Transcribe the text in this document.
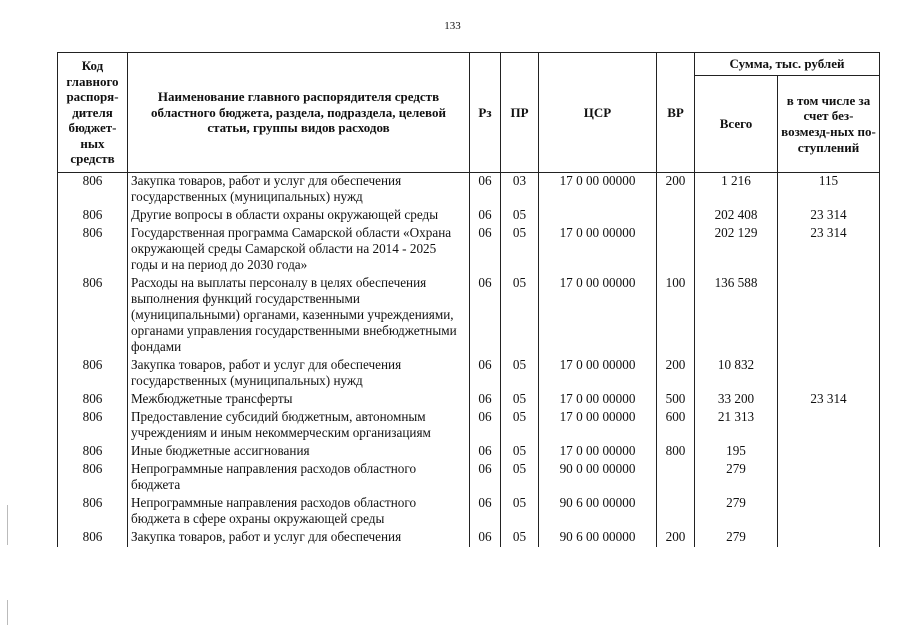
133
Код главного распоря-дителя бюджет-ных средств	Наименование главного распорядителя средств областного бюджета, раздела, подраздела, целевой статьи, группы видов расходов	Рз	ПР	ЦСР	ВР	Сумма, тыс. рублей	
						Всего	в том числе за счет без-возмезд-ных по-ступлений
806	Закупка товаров, работ и услуг для обеспечения государственных (муниципальных) нужд	06	03	17 0 00 00000	200	1 216	115
806	Другие вопросы в области охраны окружающей среды	06	05			202 408	23 314
806	Государственная программа Самарской области «Охрана окружающей среды Самарской области на 2014 - 2025 годы и на период до 2030 года»	06	05	17 0 00 00000		202 129	23 314
806	Расходы на выплаты персоналу в целях обеспечения выполнения функций государственными (муниципальными) органами, казенными учреждениями, органами управления государственными внебюджетными фондами	06	05	17 0 00 00000	100	136 588	
806	Закупка товаров, работ и услуг для обеспечения государственных (муниципальных) нужд	06	05	17 0 00 00000	200	10 832	
806	Межбюджетные трансферты	06	05	17 0 00 00000	500	33 200	23 314
806	Предоставление субсидий бюджетным, автономным учреждениям и иным некоммерческим организациям	06	05	17 0 00 00000	600	21 313	
806	Иные бюджетные ассигнования	06	05	17 0 00 00000	800	195	
806	Непрограммные направления расходов областного бюджета	06	05	90 0 00 00000		279	
806	Непрограммные направления расходов областного бюджета в сфере охраны окружающей среды	06	05	90 6 00 00000		279	
806	Закупка товаров, работ и услуг для обеспечения	06	05	90 6 00 00000	200	279	
